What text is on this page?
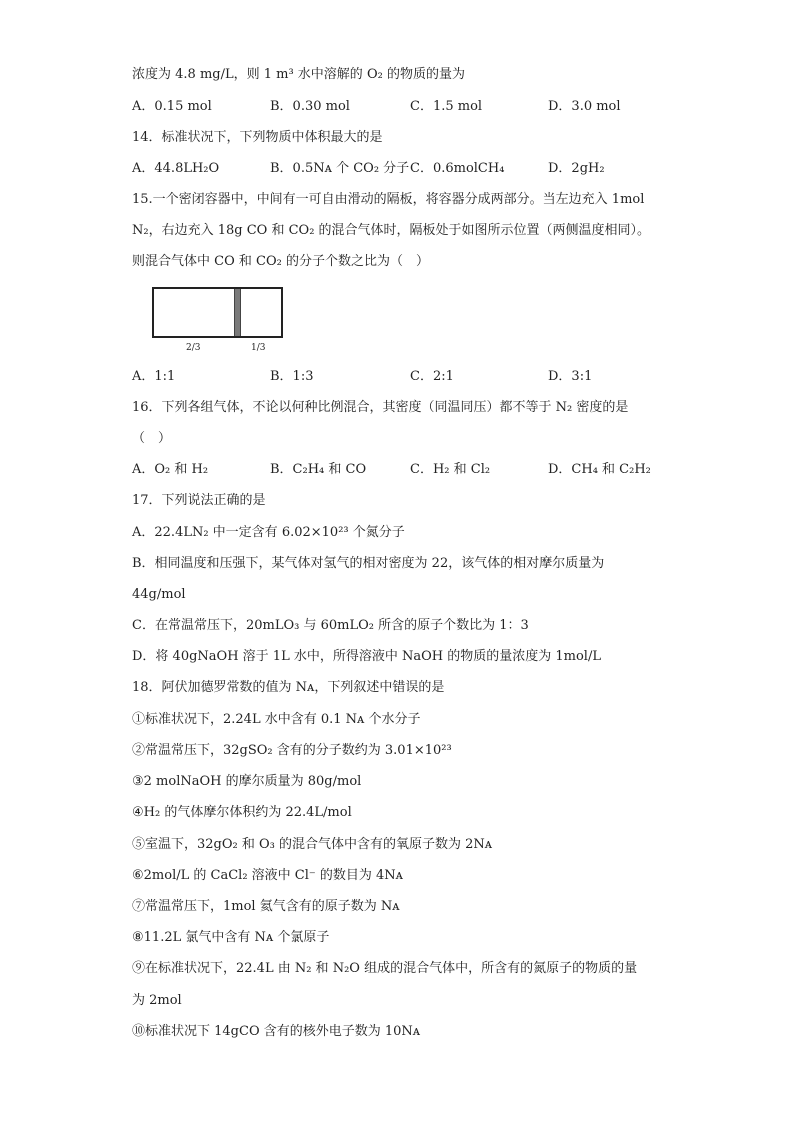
浓度为 4.8 mg/L，则 1 m³ 水中溶解的 O₂ 的物质的量为
A．0.15 mol	B．0.30 mol	C．1.5 mol	D．3.0 mol
14．标准状况下，下列物质中体积最大的是
A．44.8LH₂O	B．0.5Nᴀ 个 CO₂ 分子 C．0.6molCH₄	D．2gH₂
15.一个密闭容器中，中间有一可自由滑动的隔板，将容器分成两部分。当左边充入 1mol
N₂，右边充入 18g CO 和 CO₂ 的混合气体时，隔板处于如图所示位置（两侧温度相同）。
则混合气体中 CO 和 CO₂ 的分子个数之比为（　）
2/3	1/3
A．1:1	B．1:3	C．2:1	D．3:1
16．下列各组气体，不论以何种比例混合，其密度（同温同压）都不等于 N₂ 密度的是
（　）
A．O₂ 和 H₂	B．C₂H₄ 和 CO	C．H₂ 和 Cl₂	D．CH₄ 和 C₂H₂
17．下列说法正确的是
A．22.4LN₂ 中一定含有 6.02×10²³ 个氮分子
B．相同温度和压强下，某气体对氢气的相对密度为 22，该气体的相对摩尔质量为
44g/mol
C．在常温常压下，20mLO₃ 与 60mLO₂ 所含的原子个数比为 1：3
D．将 40gNaOH 溶于 1L 水中，所得溶液中 NaOH 的物质的量浓度为 1mol/L
18．阿伏加德罗常数的值为 Nᴀ，下列叙述中错误的是
①标准状况下，2.24L 水中含有 0.1 Nᴀ 个水分子
②常温常压下，32gSO₂ 含有的分子数约为 3.01×10²³
③2 molNaOH 的摩尔质量为 80g/mol
④H₂ 的气体摩尔体积约为 22.4L/mol
⑤室温下，32gO₂ 和 O₃ 的混合气体中含有的氧原子数为 2Nᴀ
⑥2mol/L 的 CaCl₂ 溶液中 Cl⁻ 的数目为 4Nᴀ
⑦常温常压下，1mol 氦气含有的原子数为 Nᴀ
⑧11.2L 氯气中含有 Nᴀ 个氯原子
⑨在标准状况下，22.4L 由 N₂ 和 N₂O 组成的混合气体中，所含有的氮原子的物质的量
为 2mol
⑩标准状况下 14gCO 含有的核外电子数为 10Nᴀ
